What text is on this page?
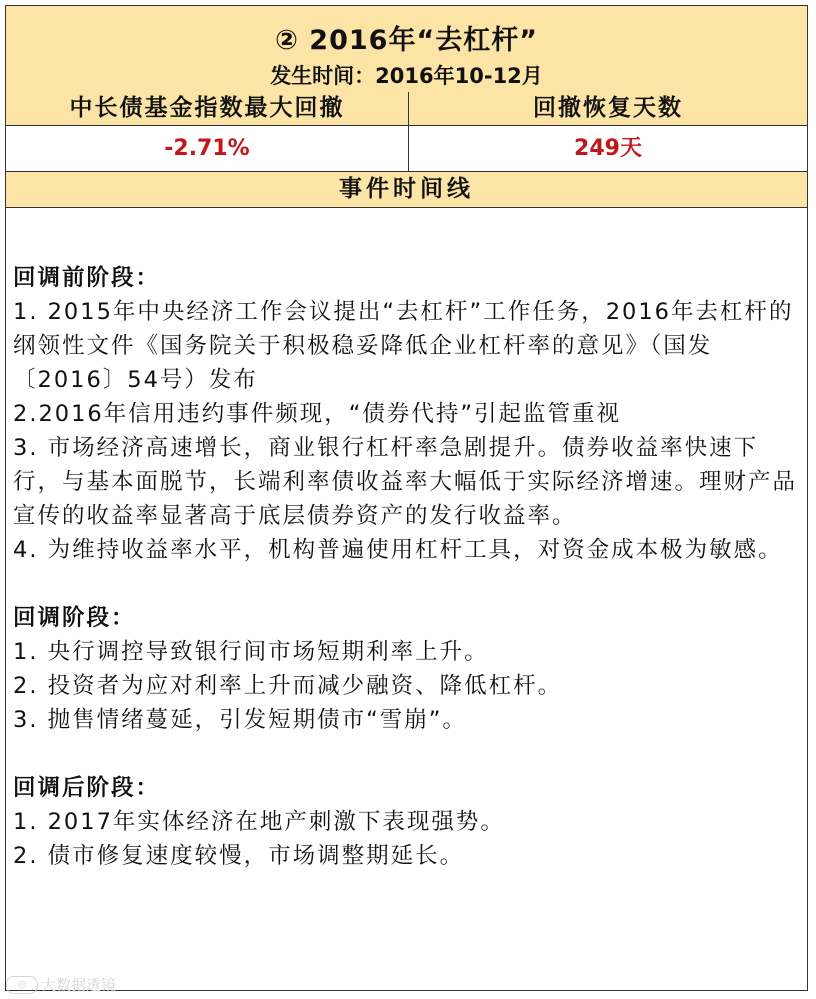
② 2016年“去杠杆”
发生时间：2016年10-12月
中长债基金指数最大回撤	回撤恢复天数
-2.71%	249天
事件时间线
回调前阶段：
1. 2015年中央经济工作会议提出“去杠杆”工作任务，2016年去杠杆的纲领性文件《国务院关于积极稳妥降低企业杠杆率的意见》（国发〔2016〕54号）发布
2.2016年信用违约事件频现，“债券代持”引起监管重视
3. 市场经济高速增长，商业银行杠杆率急剧提升。债券收益率快速下行，与基本面脱节，长端利率债收益率大幅低于实际经济增速。理财产品宣传的收益率显著高于底层债券资产的发行收益率。
4. 为维持收益率水平，机构普遍使用杠杆工具，对资金成本极为敏感。
回调阶段：
1. 央行调控导致银行间市场短期利率上升。
2. 投资者为应对利率上升而减少融资、降低杠杆。
3. 抛售情绪蔓延，引发短期债市“雪崩”。
回调后阶段：
1. 2017年实体经济在地产刺激下表现强势。
2. 债市修复速度较慢，市场调整期延长。
◎ 大数据透镜
